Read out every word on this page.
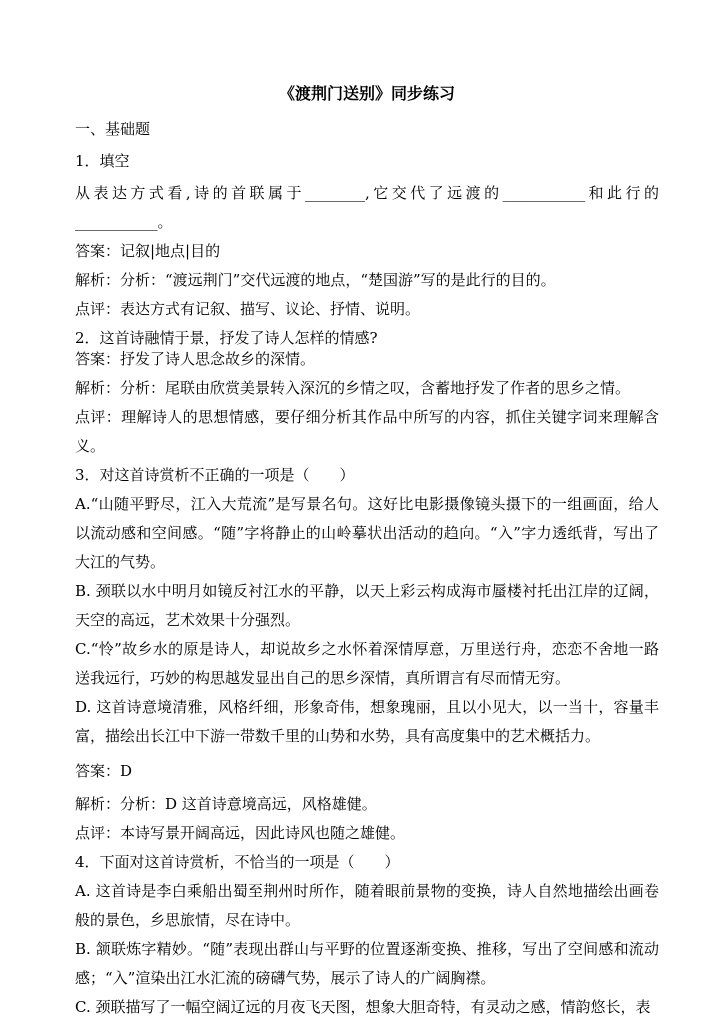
《渡荆门送别》同步练习

一、基础题

1．填空

从表达方式看,诗的首联属于________,它交代了远渡的___________和此行的___________。

答案：记叙|地点|目的

解析：分析：“渡远荆门”交代远渡的地点，“楚国游”写的是此行的目的。

点评：表达方式有记叙、描写、议论、抒情、说明。

2．这首诗融情于景，抒发了诗人怎样的情感?

答案：抒发了诗人思念故乡的深情。

解析：分析：尾联由欣赏美景转入深沉的乡情之叹，含蓄地抒发了作者的思乡之情。

点评：理解诗人的思想情感，要仔细分析其作品中所写的内容，抓住关键字词来理解含义。

3．对这首诗赏析不正确的一项是（　　）

A.“山随平野尽，江入大荒流”是写景名句。这好比电影摄像镜头摄下的一组画面，给人以流动感和空间感。“随”字将静止的山岭摹状出活动的趋向。“入”字力透纸背，写出了大江的气势。

B. 颈联以水中明月如镜反衬江水的平静，以天上彩云构成海市蜃楼衬托出江岸的辽阔，天空的高远，艺术效果十分强烈。

C.“怜”故乡水的原是诗人，却说故乡之水怀着深情厚意，万里送行舟，恋恋不舍地一路送我远行，巧妙的构思越发显出自己的思乡深情，真所谓言有尽而情无穷。

D. 这首诗意境清雅，风格纤细，形象奇伟，想象瑰丽，且以小见大，以一当十，容量丰富，描绘出长江中下游一带数千里的山势和水势，具有高度集中的艺术概括力。

答案：D

解析：分析：D 这首诗意境高远，风格雄健。

点评：本诗写景开阔高远，因此诗风也随之雄健。

4．下面对这首诗赏析，不恰当的一项是（　　）

A. 这首诗是李白乘船出蜀至荆州时所作，随着眼前景物的变换，诗人自然地描绘出画卷般的景色，乡思旅情，尽在诗中。

B. 颔联炼字精妙。“随”表现出群山与平野的位置逐渐变换、推移，写出了空间感和流动感；“入”渲染出江水汇流的磅礴气势，展示了诗人的广阔胸襟。

C. 颈联描写了一幅空阔辽远的月夜飞天图，想象大胆奇特，有灵动之感，情韵悠长，表
